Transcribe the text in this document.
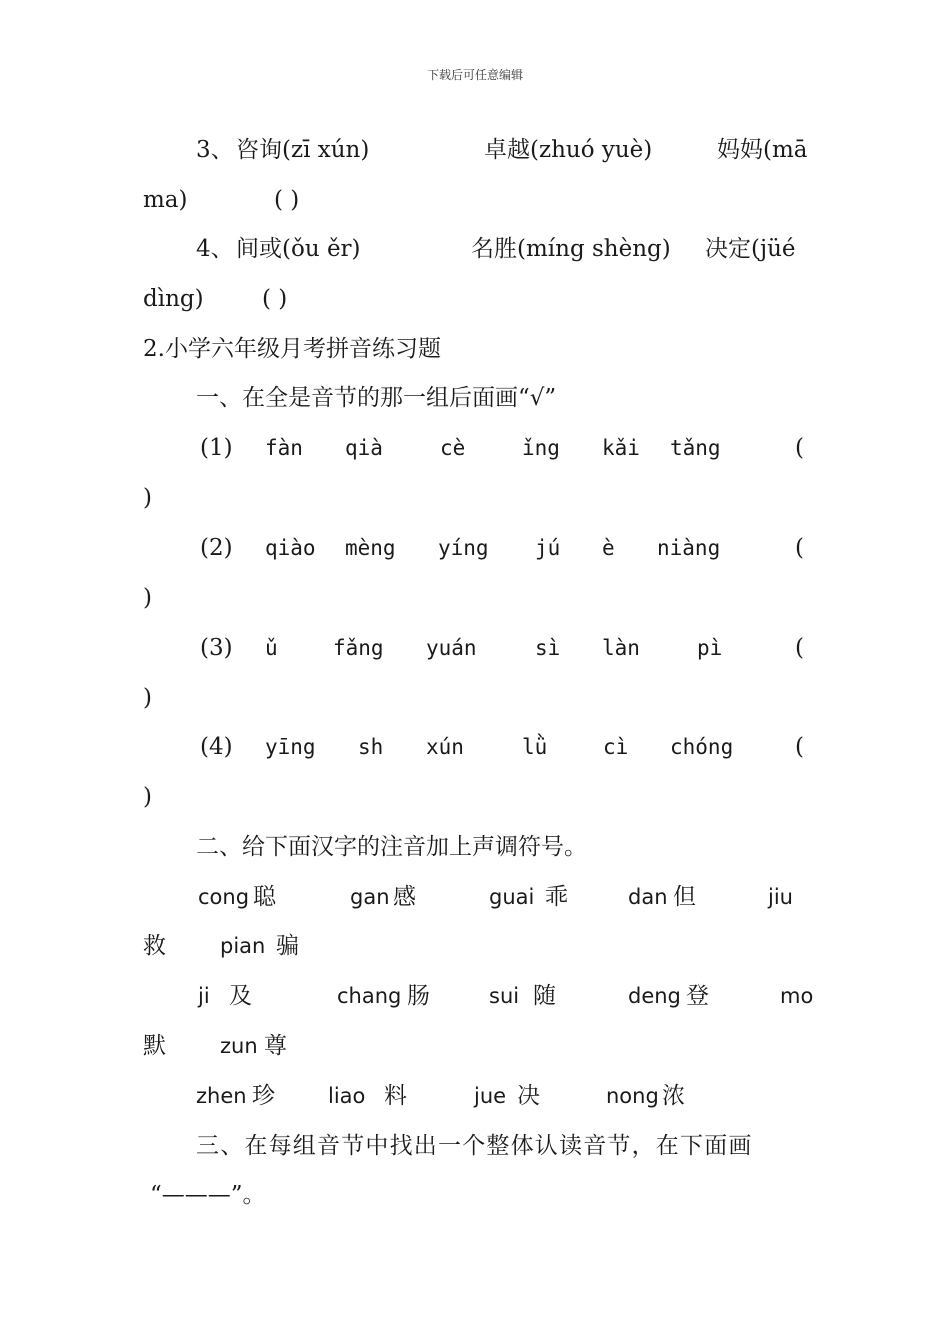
下载后可任意编辑
3、 咨询(zī xún)	卓越(zhuó yuè)	妈妈(mā
ma)	( )
4、 间或(ǒu ěr)	名胜(míng shèng) 决定(jüé
dìng)	( )
2.小学六年级月考拼音练习题
一、在全是音节的那一组后面画“√”
(1) fàn qià	cè	ǐng kǎi tǎng	(
)
(2) qiào mèng yíng jú è niàng	(
)
(3) ǔ	fǎng yuán	sì làn	pì	(
)
(4) yīng sh xún	lǜ	cì chóng	(
)
二、给下面汉字的注音加上声调符号。
cong 聪	gan 感	guai 乖	dan 但	jiu
救	pian 骗
ji 及	chang 肠	sui 随	deng 登	mo
默	zun 尊
zhen 珍	liao 料	jue 决	nong 浓
三、在每组音节中找出一个整体认读音节，在下面画
“———”。
